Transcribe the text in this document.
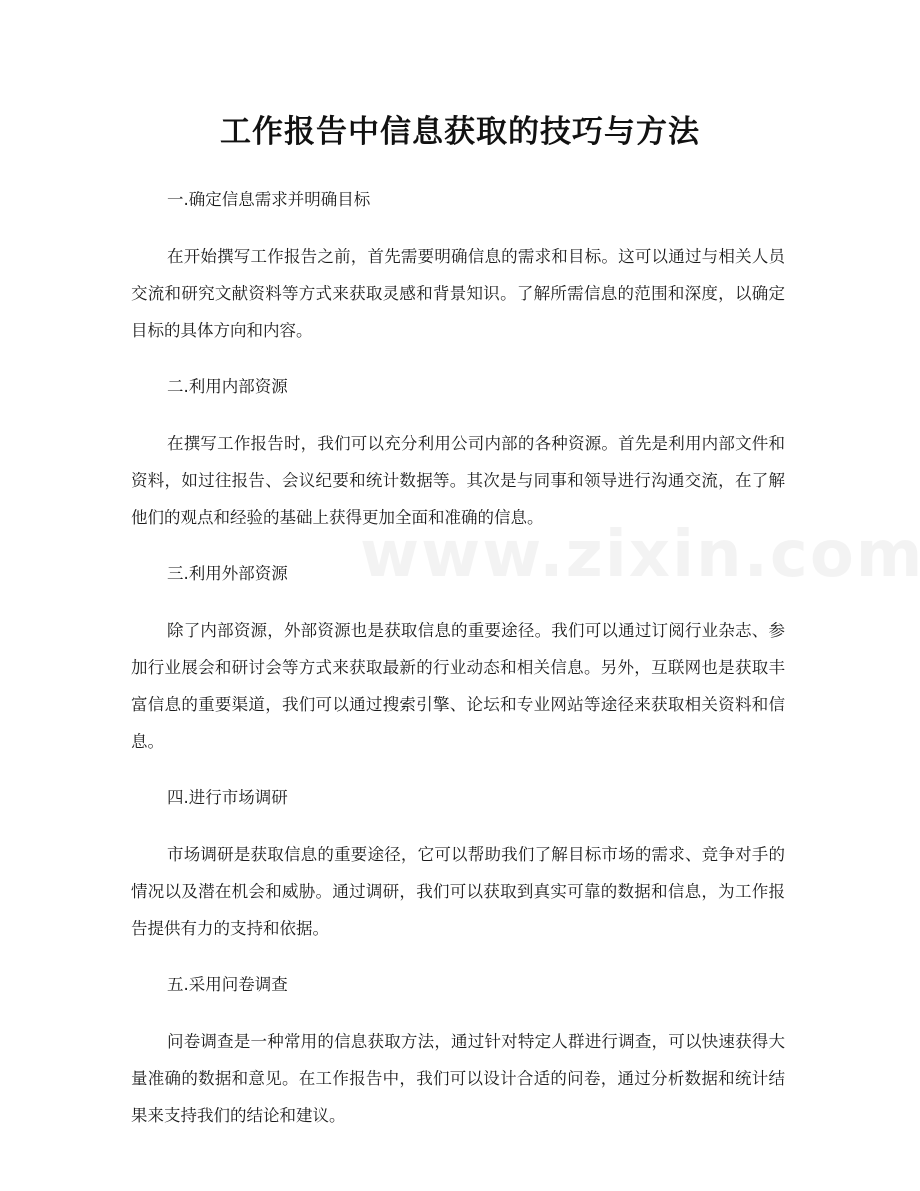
工作报告中信息获取的技巧与方法
一.确定信息需求并明确目标
在开始撰写工作报告之前，首先需要明确信息的需求和目标。这可以通过与相关人员交流和研究文献资料等方式来获取灵感和背景知识。了解所需信息的范围和深度，以确定目标的具体方向和内容。
二.利用内部资源
在撰写工作报告时，我们可以充分利用公司内部的各种资源。首先是利用内部文件和资料，如过往报告、会议纪要和统计数据等。其次是与同事和领导进行沟通交流，在了解他们的观点和经验的基础上获得更加全面和准确的信息。
三.利用外部资源
除了内部资源，外部资源也是获取信息的重要途径。我们可以通过订阅行业杂志、参加行业展会和研讨会等方式来获取最新的行业动态和相关信息。另外，互联网也是获取丰富信息的重要渠道，我们可以通过搜索引擎、论坛和专业网站等途径来获取相关资料和信息。
四.进行市场调研
市场调研是获取信息的重要途径，它可以帮助我们了解目标市场的需求、竞争对手的情况以及潜在机会和威胁。通过调研，我们可以获取到真实可靠的数据和信息，为工作报告提供有力的支持和依据。
五.采用问卷调查
问卷调查是一种常用的信息获取方法，通过针对特定人群进行调查，可以快速获得大量准确的数据和意见。在工作报告中，我们可以设计合适的问卷，通过分析数据和统计结果来支持我们的结论和建议。
